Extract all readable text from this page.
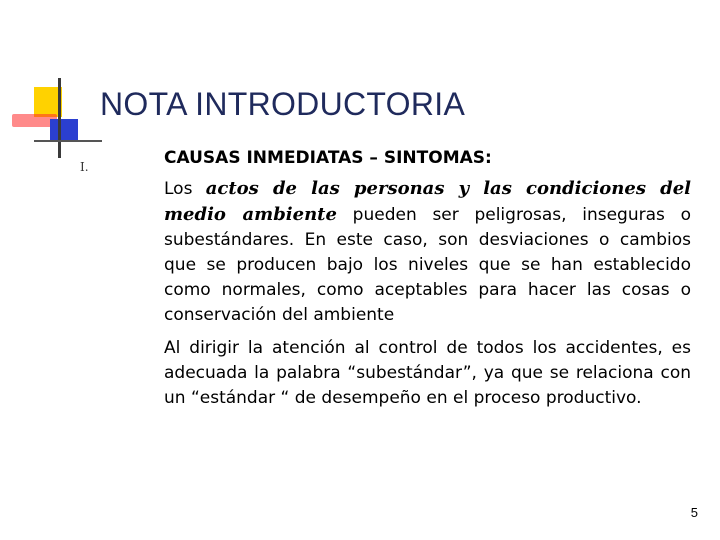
NOTA INTRODUCTORIA
I.	CAUSAS INMEDIATAS – SINTOMAS:
Los actos de las personas y las condiciones del medio ambiente pueden ser peligrosas, inseguras o subestándares. En este caso, son desviaciones o cambios que se producen bajo los niveles que se han establecido como normales, como aceptables para hacer las cosas o conservación del ambiente
Al dirigir la atención al control de todos los accidentes, es adecuada la palabra “subestándar”, ya que se relaciona con un “estándar “ de desempeño en el proceso productivo.
5
